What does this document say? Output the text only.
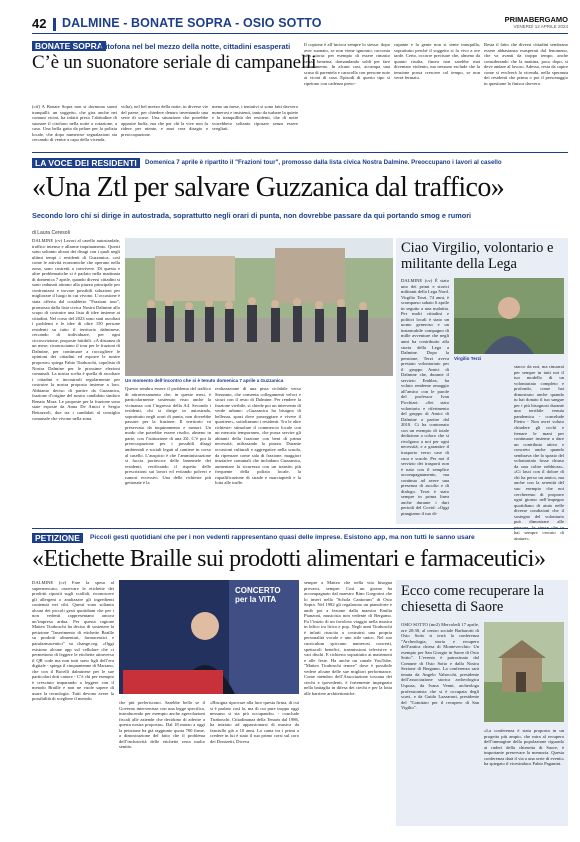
42 DALMINE - BONATE SOPRA - OSIO SOTTO	PRIMABERGAMO
VENERDÌ 12 APRILE 2024
BONATE SOPRA
Citofona nel bel mezzo della notte, cittadini esasperati
C’è un suonatore seriale di campanelli
(ctf) A Bonate Sopra non si dormono sonni tranquilli: un soggetto, che gira anche nei comuni vicini, ha infatti preso l’abitudine di suonare il citofono nella notte a rotazione, a caso. Una bella gatta da pelare per la polizia locale, che dopo numerose segnalazioni sta cercando di venire a capo della vicenda.
volta), nel bel mezzo della notte, in diverse vie del paese, per chiedere denaro inventando una serie di scuse. Una situazione che potrebbe apparire buffa, ma che per chi la vive non fa ridere per niente, e anzi crea disagio e preoccupazione.
meno un mese, i tentativi si sono fatti davvero numerosi e insistenti, tanto da turbare la quiete e la tranquillità dei residenti, che di notte vorrebbero soltanto riposare senza essere svegliati.
Il copione è all’incirca sempre lo stesso: dopo aver suonato, se non viene ignorato, racconta una storia: per esempio di essere rimasto senza benzina, domandando soldi per fare rifornimento. In alcuni casi, accampa una scusa di parentela e caracolla con persone note ai vicini di casa. Episodi di questo tipo si ripetono con cadenza preoc-
cupante e la gente non si sente tranquilla, soprattutto perché il soggetto si fa vivo a ore tarde. Certo, occorre precisare che, almeno da quanto risulta, finora non sarebbe mai diventato violento, ma nessuno esclude che la tensione possa crescere col tempo, se non verrà fermato.
Resta il fatto che diversi cittadini sembrano essere abbastanza esasperati dal fenomeno, che va avanti da troppo tempo, anche considerando che la mattina, poco dopo, si deve andare al lavoro. Adesso, resta da capire come si evolverà la vicenda, nella speranza dei residenti che prima o poi il personaggio in questione la finisca davvero.
LA VOCE DEI RESIDENTI	Domenica 7 aprile è ripartito il "Frazioni tour", promosso dalla lista civica Nostra Dalmine. Preoccupano i lavori al casello
«Una Ztl per salvare Guzzanica dal traffico»
Secondo loro chi si dirige in autostrada, soprattutto negli orari di punta, non dovrebbe passare da qui portando smog e rumori
di Laura Ceresoli
DALMINE (cv) Lavori al casello autostradale, traffico intenso e allarme inquinamento. Questi sono soltanto alcuni dei disagi con i quali negli ultimi tempi i residenti di Guzzanica, così come le attività economiche che operano nella zona, sono costretti a convivere. Di questa e altre problematiche si è parlato nella mattinata di domenica 7 aprile, quando diversi cittadini si sono radunati attorno alla piazza principale per confrontarsi e trovare possibili soluzioni per migliorare il luogo in cui vivono. L’occasione è stata offerta dal cosiddetto "Frazioni tour", promosso dalla lista civica Nostra Dalmine allo scopo di costruire una lista di idee insieme ai cittadini. Nel corso del 2023 sono stati ascoltati i problemi e le idee di oltre 150 persone residenti su tutto il territorio dalminese, cercando di individuare, per ogni circoscrizione, proposte fattibili. «A distanza di un mese, riconosciamo il tour per le frazioni di Dalmine, per continuare a raccogliere le opinioni dei cittadini ed esporre le nostre proposte» spiega Fabio Tiraboschi, capolista di Nostra Dalmine per le prossime elezioni comunali. La nostra scelta è quella di ascoltare i cittadini e incontrarli regolarmente per costruire la nostra proposta insieme a loro. Abbiamo deciso di partire da Guzzanica, frazione d’origine del nostro candidato sindaco Renato Mora. Le proposte per la frazione sono state esposte da Anna De Amici e Sergio Bettazzoli, due tra i candidati al consiglio comunale che vivono nella zona.
Un momento dell’incontro che si è tenuto domenica 7 aprile a Guzzanica
Questo sembra essere il problema del traffico di attraversamento che, in queste mesi, è particolarmente sostenuto visto anche la vicinanza con l’ingresso della A4. Secondo i residenti, chi si dirige in autostrada, soprattutto negli orari di punta, non dovrebbe passare per la frazione. Il territorio va preservato da inquinamento e rumori. Un modo che potrebbe essere risolto, almeno in parte, con l’istituzione di una Ztl. C’è poi la preoccupazione per i possibili disagi ambientali e sociali legati al cantiere in corso al casello. L’auspicio è che l’amministrazione si faccia portavoce delle lamentele dei residenti, verificando il rispetto delle prescrizioni sui lavori ed evitando polveri e rumori eccessivi. Una delle richieste più gettonate è la
realizzazione di una pista ciclabile verso Stezzano, che consenta collegamenti veloci e sicuri con il resto di Dalmine. Per rendere la frazione vivibile, si chiede poi un intervento di verde urbano: «Guzzanica ha bisogno di bellezza, spazi dove passeggiare e vivere il quartiere», sottolineano i residenti. Tra le altre richieste: stimolare il commercio locale con un mercato temporaneo, che possa servire gli abitanti della frazione con beni di prima necessità, utilizzando la piazza. Durante occasioni culturali e aggregative nella scuola, da ripensare come sala di frazione, maggiori iniziative comunali che includano Guzzanica, aumentare la sicurezza con un transito più frequente della polizia locale, la riqualificazione di strade e marciapiedi e la lotta alle truffe.
Ciao Virgilio, volontario e militante della Lega
DALMINE (cv) È stato uno dei primi e storici militanti della Lega Nord. Virgilio Terzi, 74 anni, è scomparso sabato 6 aprile in seguito a una malattia. Per molti cittadini e politici locali è stato un uomo generoso e un instancabile compagno di mille avventure che negli anni ha contribuito alla storia della Lega a Dalmine. Dopo la pensione, Terzi aveva prestato volontariato per il gruppo Amici di Dalmine che, durante il servizio Emblea, ha voluto renderne omaggio all’amico con le parole del professor Ivan Picchiari: «Sei stato volontario e riferimento del gruppo di Amici di Dalmine a partire dal 2010. Ci ha contornato con un esempio di totale dedizione a coloro che si rivolgono a noi per ogni necessità, e a garantire il trasporto verso case di cura e scuole. Per noi il servizio dei trasporti non è nato con il semplice accompagnamento, ma continua ad avere una presenza di ascolto e di dialogo. Terzi è stato sempre in prima linea anche durante i duri periodi del Covid: «Oggi piangiamo il tuo di-
Virgilio Terzi
stacco da noi, ma rimarrai per sempre in tutti noi il tuo modello di un volontariato completo e profondo, come hai dimostrato anche quando tu hai donato il tuo sangue per i più bisognosi durante una terribile venuta pandemica - concelude Pietro - Non avrei voluto chiudere gli occhi e frenare le mani per continuare insieme a dare un contributo attivo e concreto anche quando sembrava che lo spazio del volontariato fosse chiuso da una coltre nebbiosa». «Ci lasci con il dolore di chi ha perso un amico, ma anche con la serenità del suo esempio che noi cercheremo di proporre ogni giorno nell’impegno quotidiano di aiuto nelle diverse condizioni che il sostegno del volontario può dimostrare alle hai sempre cercato di aiutare».
PETIZIONE	Piccoli gesti quotidiani che per i non vedenti rappresentano quasi delle imprese. Esistono app, ma non tutti le sanno usare
«Etichette Braille sui prodotti alimentari e farmaceutici»
DALMINE (cv) Fare la spesa al supermercato, osservare le etichette dei prodotti ripostii sugli scaffali, riconoscere gli allergeni o analizzare gli ingredienti contenuti nei cibi. Questi sono soltanto alcuni dei piccoli gesti quotidiani che per i non vedenti rappresentano ancora un’impresa ardua. Per questa ragione Matteo Tiraboschi ha deciso di sostenere la petizione "Inserimento di etichette Braille su prodotti alimentari, farmaceutici e parafarmaceutici" su change.org. «Oggi esistono alcune app sul cellulare che ci permettono di leggere le etichette attraverso il QR code ma non tutti sono figli dell’era digitale - spiega il cinquantenne di Mariano, che con il Bocelli dalminese per le sue particolari doti canore - C’è chi per esempio è cresciuto imparando a leggere con il metodo Braille e non ne vuole sapere di usare la tecnologia. Tutti devono avere la possibilità di scegliere il metodo
CONCERTO per la VITA
che più preferiscono. Sarebbe bello se il Governo intervenisse con una legge specifica, introducendo per esempio anche agevolazioni fiscali alle aziende che decidono di aderire a questa nostra proposta». Dal 18 marzo a oggi la petizione ha già raggiunto quota 700 firme, a dimostrazione del fatto che il problema dell’inclusività delle etichette resta molto sentito.
«Bisogna riprovare alla luce questa firma, di cui si è parlato così la, ma di cui pure troppo oggi nessuno si sta più occupando» - conclude Tiraboschi. Cittadinanza della Tenaris dal 1986, ha iniziato ad appassionarsi di musica da fanciullo già a 10 anni. La canta tra i primi a credere in lui è stato il suo primo corsi sul coro dei Donizetti, Diceva
sempre a Matteo che nella vita bisogna provarci, sempre. Così un giorno ha accompagnato dal maestro Rino Gregorini che lo inserì nella "Schola Cantorum" di Osio Sopra. Nel 1982 gli regalarono un pianoforte e andò poi a lezione dalla maestra Emilia Pianzoni, musicista non vedente di Bergamo. Fu l’inizio di un favoloso viaggio nella musica in bilico tra lirica e pop. Negli anni Tiraboschi è infatti riuscito a costruirsi una propria personalità vocale e uno stile unico. Nel suo curriculum spiccano numerosi concerti, spettacoli benefici, trasmissioni televisive e vari dischi. E richiesto soprattutto ai matrimoni e alle feste. Ha anche un canale YouTube, "Matteo Tiraboschi tenore" dove è possibile vedere alcune delle sue migliori performance. Come membro dell’Associazione toscana dei ciechi e ipovedenti, è fortemente impegnato nella battaglia in difesa dei ciechi e per la lotta alle barriere architettoniche.
Ecco come recuperare la chiesetta di Saore
OSIO SOTTO (mr2) Mercoledì 17 aprile, ore 20:30, al centro sociale Barbarotti di Osio Sotto si terrà la conferenza "Archeologia, storia e recupero dell’antica chiesa di Montevecchio: Un esempio per San Giorgio in Saore di Osio Sotto". L’evento è patrocinato dal Comune di Osio Sotto e dalla Nostra Sezione di Bergamo. La conferenza sarà tenuta da Angelo Valsecchi, presidente dell’associazione storica archeologica Uspusa, da Ivana Venni, archeologa professionista che si è occupata degli scavi, e da Guido Lazzaroni, presidente del "Comitato per il recupero di San Vigilio".
«La conferenza è stata proposta in un progetto più ampio, che mira al recupero dell’immagine della popolazione riguardo ai ruderi della chiesetta di Saore, è importante preservare la memoria. Questa conferenza darà il via a una serie di eventi» ha spiegato il vicesindaco Fabio Paganini.
